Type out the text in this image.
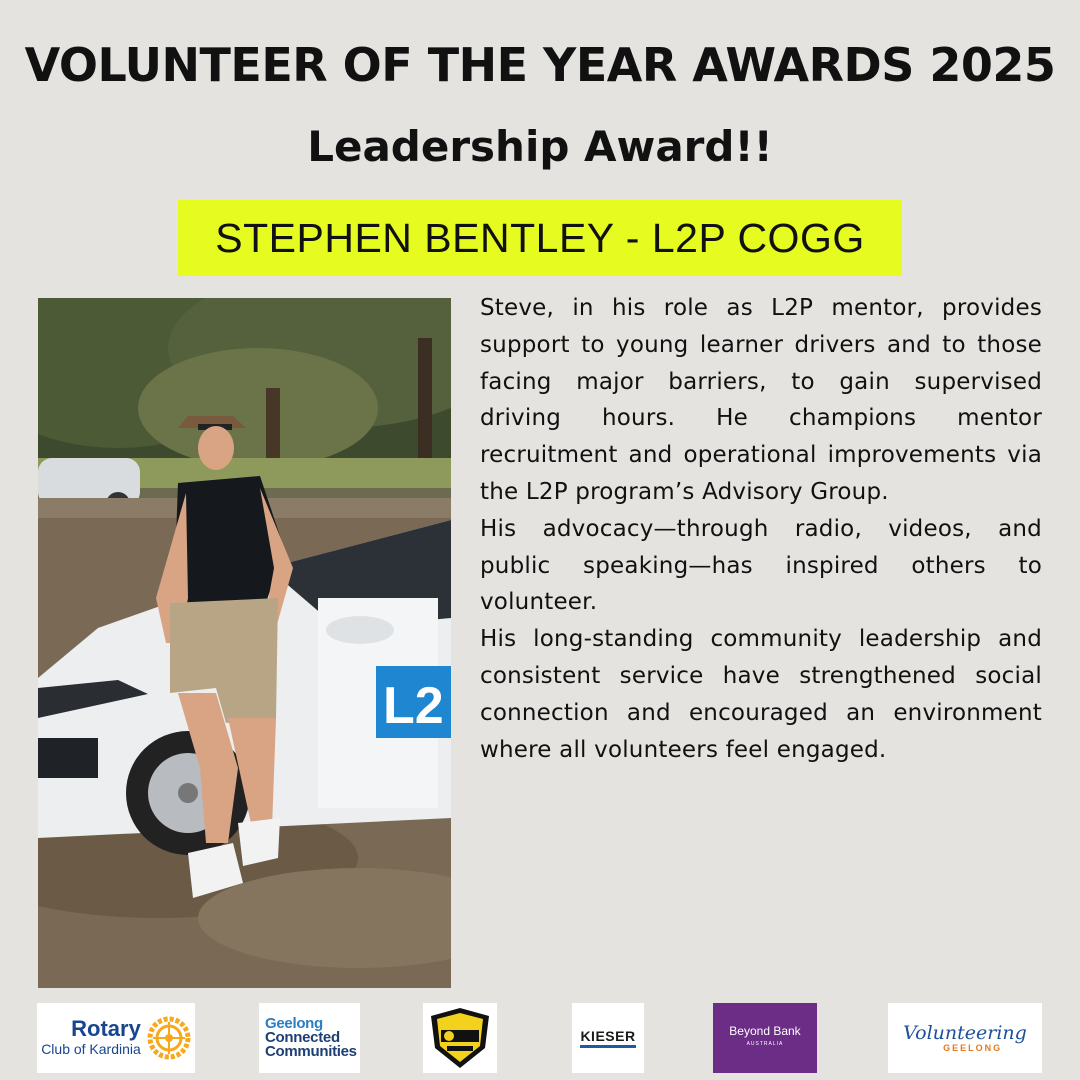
VOLUNTEER OF THE YEAR AWARDS 2025
Leadership Award!!
STEPHEN BENTLEY - L2P COGG
L2

Steve, in his role as L2P mentor, provides support to young learner drivers and to those facing major barriers, to gain supervised driving hours. He champions mentor recruitment and operational improvements via the L2P program’s Advisory Group.

His advocacy—through radio, videos, and public speaking—has inspired others to volunteer.

His long-standing community leadership and consistent service have strengthened social connection and encouraged an environment where all volunteers feel engaged.

Rotary
Club of Kardinia
Geelong
Connected
Communities
KIESER	Beyond Bank
AUSTRALIA
Volunteering
GEELONG
